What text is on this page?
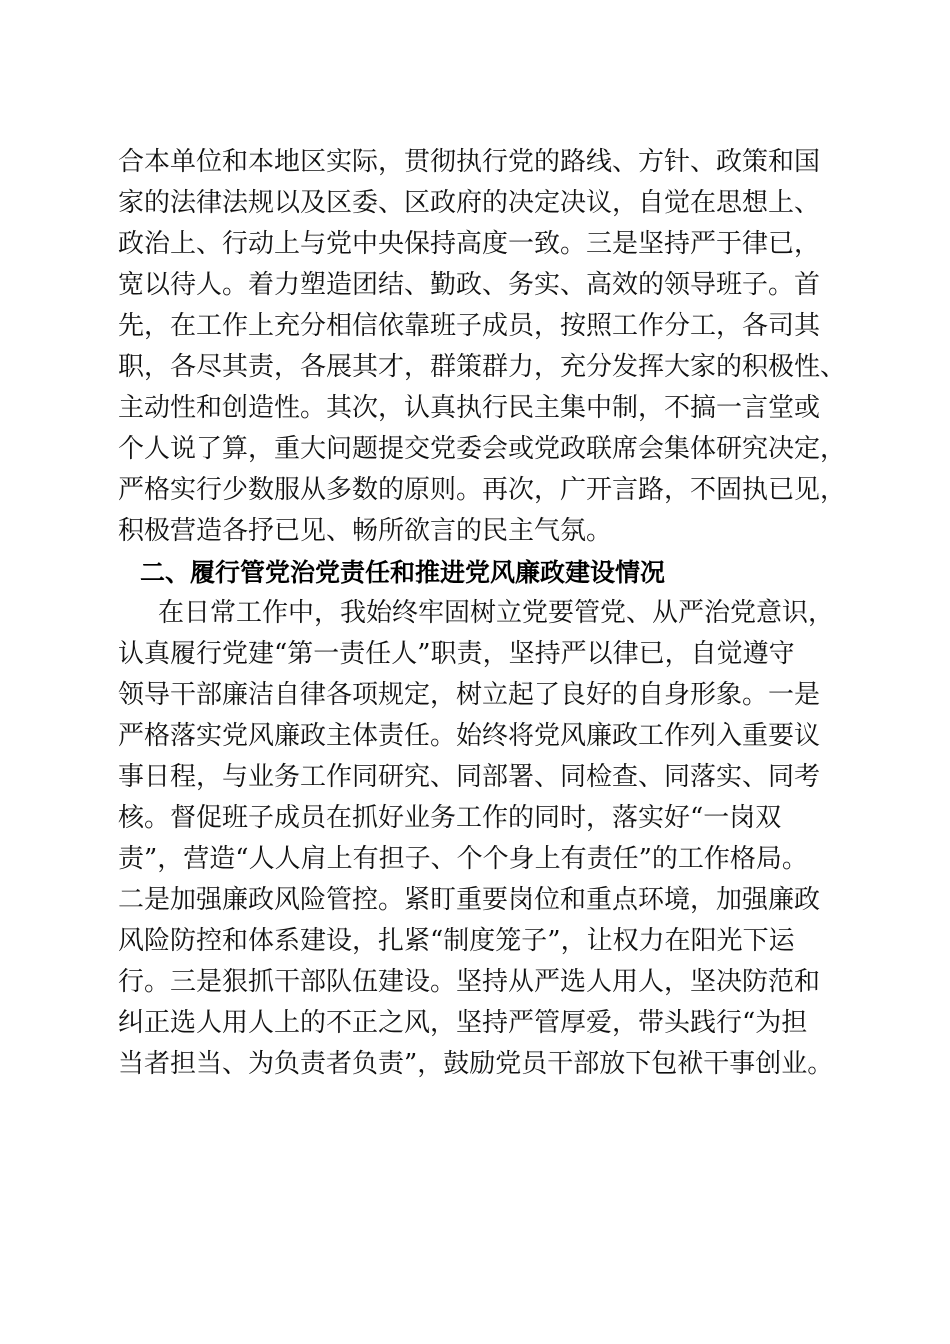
合本单位和本地区实际，贯彻执行党的路线、方针、政策和国
家的法律法规以及区委、区政府的决定决议，自觉在思想上、
政治上、行动上与党中央保持高度一致。三是坚持严于律已，
宽以待人。着力塑造团结、勤政、务实、高效的领导班子。首
先，在工作上充分相信依靠班子成员，按照工作分工，各司其
职，各尽其责，各展其才，群策群力，充分发挥大家的积极性、
主动性和创造性。其次，认真执行民主集中制，不搞一言堂或
个人说了算，重大问题提交党委会或党政联席会集体研究决定，
严格实行少数服从多数的原则。再次，广开言路，不固执已见，
积极营造各抒已见、畅所欲言的民主气氛。
二、履行管党治党责任和推进党风廉政建设情况
在日常工作中，我始终牢固树立党要管党、从严治党意识，
认真履行党建“第一责任人”职责，坚持严以律已，自觉遵守
领导干部廉洁自律各项规定，树立起了良好的自身形象。一是
严格落实党风廉政主体责任。始终将党风廉政工作列入重要议
事日程，与业务工作同研究、同部署、同检查、同落实、同考
核。督促班子成员在抓好业务工作的同时，落实好“一岗双
责”，营造“人人肩上有担子、个个身上有责任”的工作格局。
二是加强廉政风险管控。紧盯重要岗位和重点环境，加强廉政
风险防控和体系建设，扎紧“制度笼子”，让权力在阳光下运
行。三是狠抓干部队伍建设。坚持从严选人用人，坚决防范和
纠正选人用人上的不正之风，坚持严管厚爱，带头践行“为担
当者担当、为负责者负责”，鼓励党员干部放下包袱干事创业。
